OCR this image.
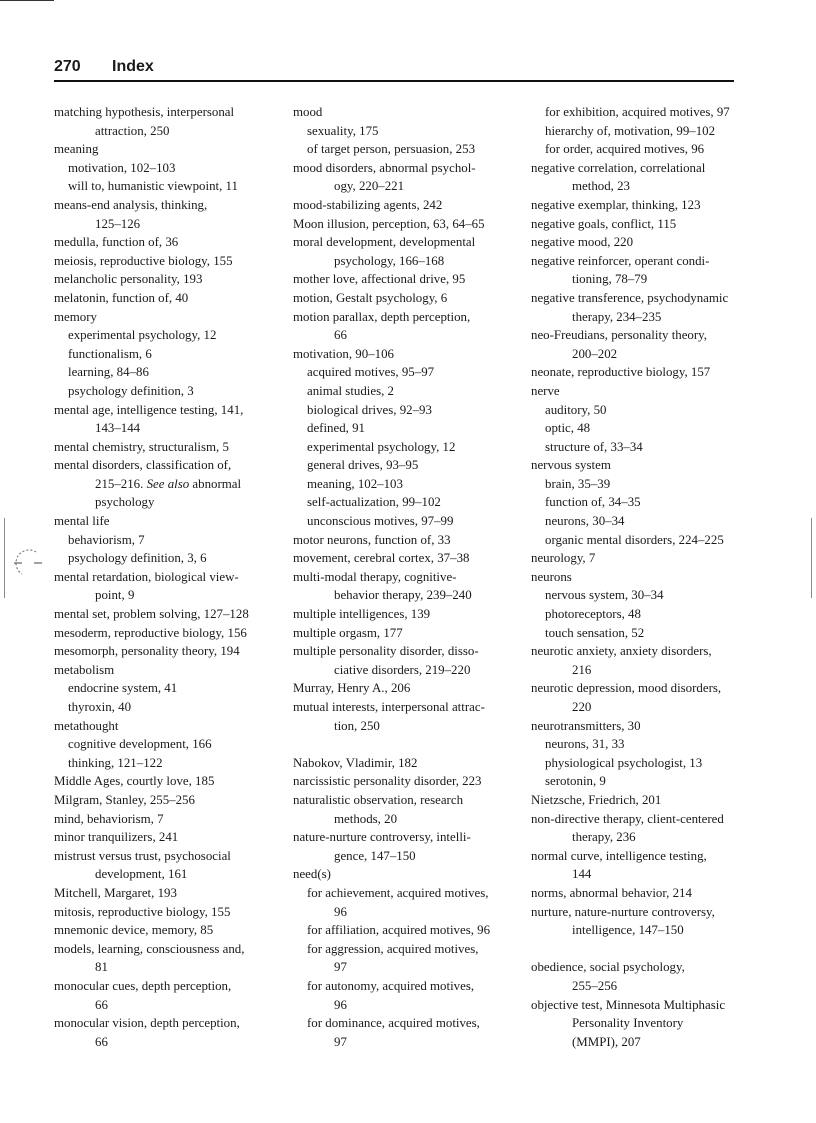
270 Index
matching hypothesis, interpersonal
attraction, 250
meaning
motivation, 102–103
will to, humanistic viewpoint, 11
means-end analysis, thinking,
125–126
medulla, function of, 36
meiosis, reproductive biology, 155
melancholic personality, 193
melatonin, function of, 40
memory
experimental psychology, 12
functionalism, 6
learning, 84–86
psychology definition, 3
mental age, intelligence testing, 141,
143–144
mental chemistry, structuralism, 5
mental disorders, classification of,
215–216. See also abnormal
psychology
mental life
behaviorism, 7
psychology definition, 3, 6
mental retardation, biological view-
point, 9
mental set, problem solving, 127–128
mesoderm, reproductive biology, 156
mesomorph, personality theory, 194
metabolism
endocrine system, 41
thyroxin, 40
metathought
cognitive development, 166
thinking, 121–122
Middle Ages, courtly love, 185
Milgram, Stanley, 255–256
mind, behaviorism, 7
minor tranquilizers, 241
mistrust versus trust, psychosocial
development, 161
Mitchell, Margaret, 193
mitosis, reproductive biology, 155
mnemonic device, memory, 85
models, learning, consciousness and,
81
monocular cues, depth perception,
66
monocular vision, depth perception,
66
mood
sexuality, 175
of target person, persuasion, 253
mood disorders, abnormal psychol-
ogy, 220–221
mood-stabilizing agents, 242
Moon illusion, perception, 63, 64–65
moral development, developmental
psychology, 166–168
mother love, affectional drive, 95
motion, Gestalt psychology, 6
motion parallax, depth perception,
66
motivation, 90–106
acquired motives, 95–97
animal studies, 2
biological drives, 92–93
defined, 91
experimental psychology, 12
general drives, 93–95
meaning, 102–103
self-actualization, 99–102
unconscious motives, 97–99
motor neurons, function of, 33
movement, cerebral cortex, 37–38
multi-modal therapy, cognitive-
behavior therapy, 239–240
multiple intelligences, 139
multiple orgasm, 177
multiple personality disorder, disso-
ciative disorders, 219–220
Murray, Henry A., 206
mutual interests, interpersonal attrac-
tion, 250
Nabokov, Vladimir, 182
narcissistic personality disorder, 223
naturalistic observation, research
methods, 20
nature-nurture controversy, intelli-
gence, 147–150
need(s)
for achievement, acquired motives,
96
for affiliation, acquired motives, 96
for aggression, acquired motives,
97
for autonomy, acquired motives,
96
for dominance, acquired motives,
97
for exhibition, acquired motives, 97
hierarchy of, motivation, 99–102
for order, acquired motives, 96
negative correlation, correlational
method, 23
negative exemplar, thinking, 123
negative goals, conflict, 115
negative mood, 220
negative reinforcer, operant condi-
tioning, 78–79
negative transference, psychodynamic
therapy, 234–235
neo-Freudians, personality theory,
200–202
neonate, reproductive biology, 157
nerve
auditory, 50
optic, 48
structure of, 33–34
nervous system
brain, 35–39
function of, 34–35
neurons, 30–34
organic mental disorders, 224–225
neurology, 7
neurons
nervous system, 30–34
photoreceptors, 48
touch sensation, 52
neurotic anxiety, anxiety disorders,
216
neurotic depression, mood disorders,
220
neurotransmitters, 30
neurons, 31, 33
physiological psychologist, 13
serotonin, 9
Nietzsche, Friedrich, 201
non-directive therapy, client-centered
therapy, 236
normal curve, intelligence testing,
144
norms, abnormal behavior, 214
nurture, nature-nurture controversy,
intelligence, 147–150
obedience, social psychology,
255–256
objective test, Minnesota Multiphasic
Personality Inventory
(MMPI), 207
